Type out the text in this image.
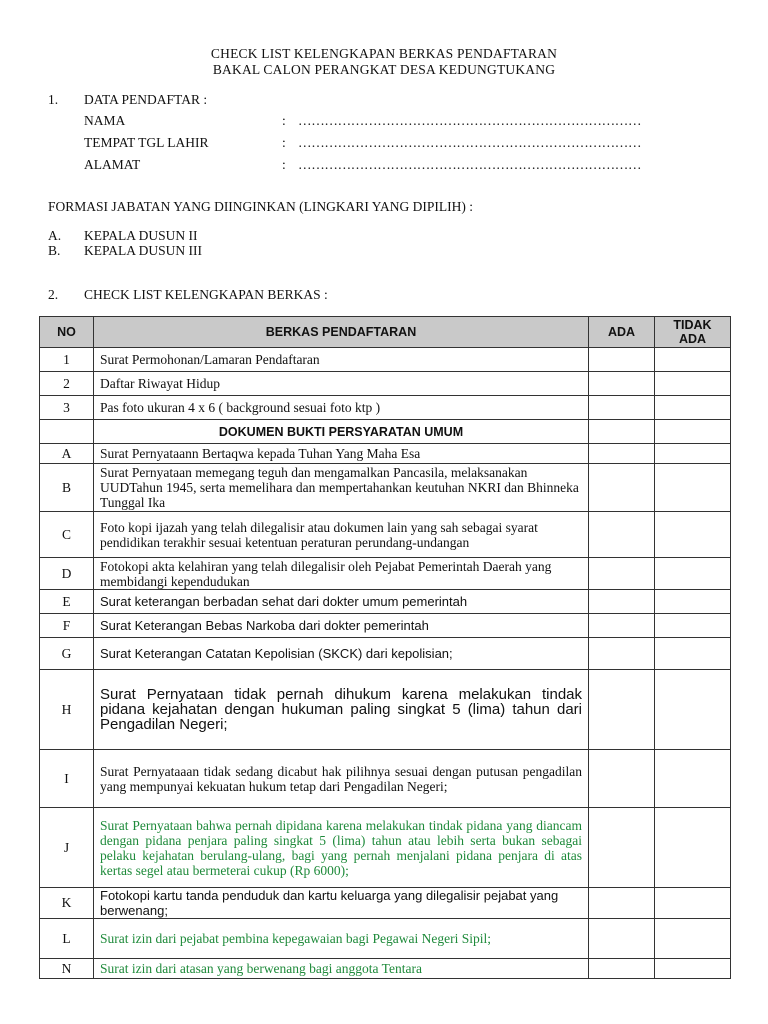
CHECK LIST KELENGKAPAN BERKAS PENDAFTARAN
BAKAL CALON PERANGKAT DESA KEDUNGTUKANG
1. DATA PENDAFTAR :
NAMA	: ……………………………………………………………………
TEMPAT TGL LAHIR	: ……………………………………………………………………
ALAMAT	: ……………………………………………………………………
FORMASI JABATAN YANG DIINGINKAN (LINGKARI YANG DIPILIH) :
A. KEPALA DUSUN II
B. KEPALA DUSUN III
2. CHECK LIST KELENGKAPAN BERKAS :
NO	BERKAS PENDAFTARAN	ADA	TIDAK ADA
1	Surat Permohonan/Lamaran Pendaftaran		
2	Daftar Riwayat Hidup		
3	Pas foto ukuran 4 x 6 ( background sesuai foto ktp )		
	DOKUMEN BUKTI PERSYARATAN UMUM		
A	Surat Pernyataann Bertaqwa kepada Tuhan Yang Maha Esa		
B	Surat Pernyataan memegang teguh dan mengamalkan Pancasila, melaksanakan UUDTahun 1945, serta memelihara dan mempertahankan keutuhan NKRI dan Bhinneka Tunggal Ika		
C	Foto kopi ijazah yang telah dilegalisir atau dokumen lain yang sah sebagai syarat pendidikan terakhir sesuai ketentuan peraturan perundang-undangan		
D	Fotokopi akta kelahiran yang telah dilegalisir oleh Pejabat Pemerintah Daerah yang membidangi kependudukan		
E	Surat keterangan berbadan sehat dari dokter umum pemerintah		
F	Surat Keterangan Bebas Narkoba dari dokter pemerintah		
G	Surat Keterangan Catatan Kepolisian (SKCK) dari kepolisian;		
H	Surat Pernyataan tidak pernah dihukum karena melakukan tindak pidana kejahatan dengan hukuman paling singkat 5 (lima) tahun dari Pengadilan Negeri;		
I	Surat Pernyataaan tidak sedang dicabut hak pilihnya sesuai dengan putusan pengadilan yang mempunyai kekuatan hukum tetap dari Pengadilan Negeri;		
J	Surat Pernyataan bahwa pernah dipidana karena melakukan tindak pidana yang diancam dengan pidana penjara paling singkat 5 (lima) tahun atau lebih serta bukan sebagai pelaku kejahatan berulang-ulang, bagi yang pernah menjalani pidana penjara di atas kertas segel atau bermeterai cukup (Rp 6000);		
K	Fotokopi kartu tanda penduduk dan kartu keluarga yang dilegalisir pejabat yang berwenang;		
L	Surat izin dari pejabat pembina kepegawaian bagi Pegawai Negeri Sipil;		
N	Surat izin dari atasan yang berwenang bagi anggota Tentara		
